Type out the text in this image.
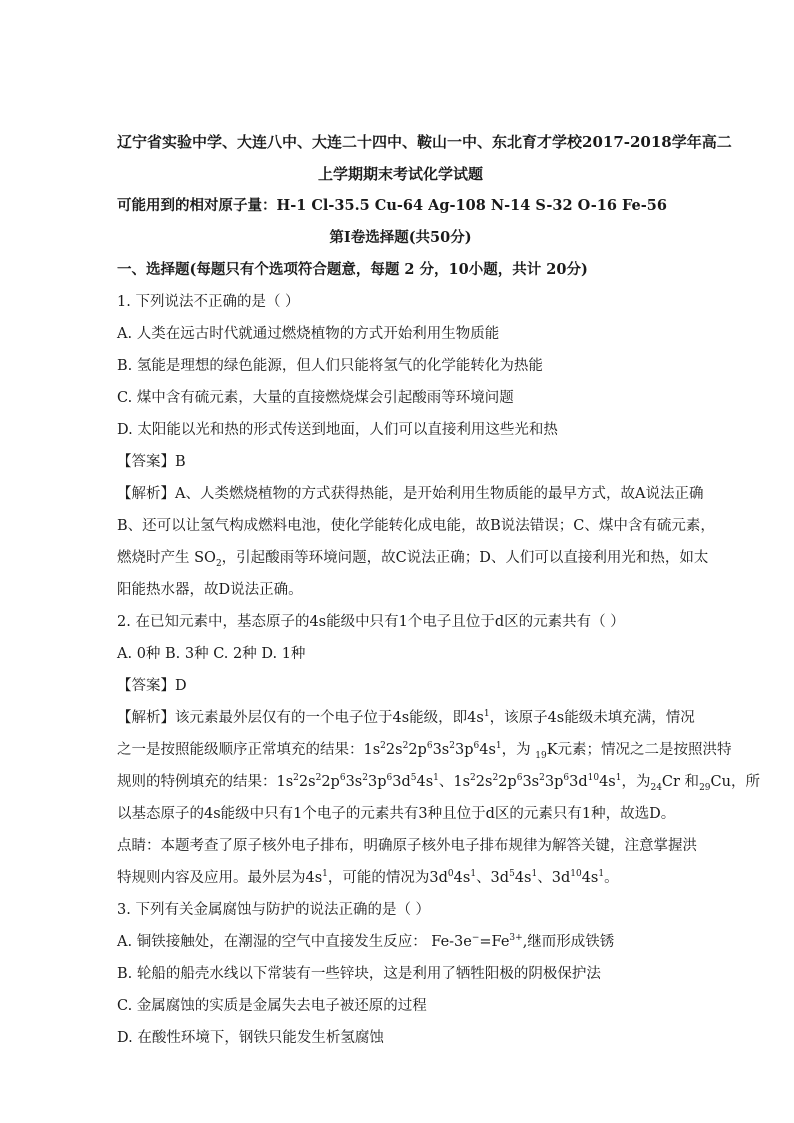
辽宁省实验中学、大连八中、大连二十四中、鞍山一中、东北育才学校2017-2018学年高二
上学期期末考试化学试题
可能用到的相对原子量：H-1 Cl-35.5 Cu-64 Ag-108 N-14 S-32 O-16 Fe-56
第Ⅰ卷选择题(共50分)
一、选择题(每题只有个选项符合题意，每题 2 分，10小题，共计 20分)
1. 下列说法不正确的是（ ）
A. 人类在远古时代就通过燃烧植物的方式开始利用生物质能
B. 氢能是理想的绿色能源，但人们只能将氢气的化学能转化为热能
C. 煤中含有硫元素，大量的直接燃烧煤会引起酸雨等环境问题
D. 太阳能以光和热的形式传送到地面，人们可以直接利用这些光和热
【答案】B
【解析】A、人类燃烧植物的方式获得热能，是开始利用生物质能的最早方式，故A说法正确
B、还可以让氢气构成燃料电池，使化学能转化成电能，故B说法错误；C、煤中含有硫元素，
燃烧时产生 $SO_2$，引起酸雨等环境问题，故C说法正确；D、人们可以直接利用光和热，如太
阳能热水器，故D说法正确。
2. 在已知元素中，基态原子的4s能级中只有1个电子且位于d区的元素共有（ ）
A. 0种 B. 3种 C. 2种 D. 1种
【答案】D
【解析】该元素最外层仅有的一个电子位于4s能级，即$4s^1$，该原子4s能级未填充满，情况
之一是按照能级顺序正常填充的结果：$1s^22s^22p^63s^23p^64s^1$，为 $_{19}$K元素；情况之二是按照洪特
规则的特例填充的结果：$1s^22s^22p^63s^23p^63d^54s^1$、$1s^22s^22p^63s^23p^63d^{10}4s^1$，为$_{24}$Cr 和$_{29}$Cu，所
以基态原子的4s能级中只有1个电子的元素共有3种且位于d区的元素只有1种，故选D。
点睛：本题考查了原子核外电子排布，明确原子核外电子排布规律为解答关键，注意掌握洪
特规则内容及应用。最外层为$4s^1$，可能的情况为$3d^04s^1$、$3d^54s^1$、$3d^{10}4s^1$。
3. 下列有关金属腐蚀与防护的说法正确的是（ ）
A. 铜铁接触处，在潮湿的空气中直接发生反应： $Fe-3e^-=Fe^{3+}$,继而形成铁锈
B. 轮船的船壳水线以下常装有一些锌块，这是利用了牺牲阳极的阴极保护法
C. 金属腐蚀的实质是金属失去电子被还原的过程
D. 在酸性环境下，钢铁只能发生析氢腐蚀
